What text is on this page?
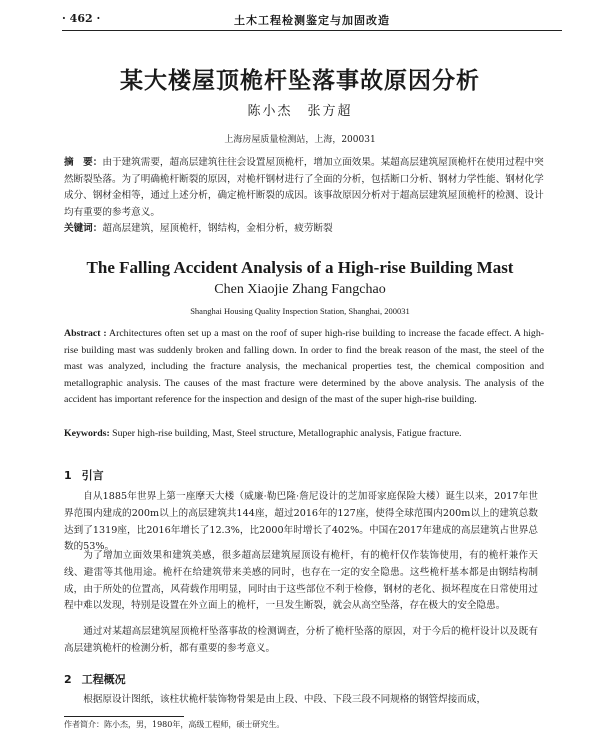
· 462 ·	土木工程检测鉴定与加固改造
某大楼屋顶桅杆坠落事故原因分析
陈小杰　张方超
上海房屋质量检测站，上海，200031
摘　要：由于建筑需要，超高层建筑往往会设置屋顶桅杆，增加立面效果。某超高层建筑屋顶桅杆在使用过程中突然断裂坠落。为了明确桅杆断裂的原因，对桅杆钢材进行了全面的分析，包括断口分析、钢材力学性能、钢材化学成分、钢材金相等，通过上述分析，确定桅杆断裂的成因。该事故原因分析对于超高层建筑屋顶桅杆的检测、设计均有重要的参考意义。
关键词：超高层建筑，屋顶桅杆，钢结构，金相分析，疲劳断裂
The Falling Accident Analysis of a High-rise Building Mast
Chen Xiaojie Zhang Fangchao
Shanghai Housing Quality Inspection Station, Shanghai, 200031
Abstract : Architectures often set up a mast on the roof of super high-rise building to increase the facade effect. A high-rise building mast was suddenly broken and falling down. In order to find the break reason of the mast, the steel of the mast was analyzed, including the fracture analysis, the mechanical properties test, the chemical composition and metallographic analysis. The causes of the mast fracture were determined by the above analysis. The analysis of the accident has important reference for the inspection and design of the mast of the super high-rise building.
Keywords: Super high-rise building, Mast, Steel structure, Metallographic analysis, Fatigue fracture.
1 引言
自从1885年世界上第一座摩天大楼（威廉·勒巴隆·詹尼设计的芝加哥家庭保险大楼）诞生以来，2017年世界范围内建成的200m以上的高层建筑共144座，超过2016年的127座，使得全球范围内200m以上的建筑总数达到了1319座，比2016年增长了12.3%，比2000年时增长了402%。中国在2017年建成的高层建筑占世界总数的53%。
为了增加立面效果和建筑美感，很多超高层建筑屋顶设有桅杆，有的桅杆仅作装饰使用，有的桅杆兼作天线、避雷等其他用途。桅杆在给建筑带来美感的同时，也存在一定的安全隐患。这些桅杆基本都是由钢结构制成，由于所处的位置高，风荷载作用明显，同时由于这些部位不利于检修，钢材的老化、损坏程度在日常使用过程中难以发现，特别是设置在外立面上的桅杆，一旦发生断裂，就会从高空坠落，存在极大的安全隐患。
通过对某超高层建筑屋顶桅杆坠落事故的检测调查，分析了桅杆坠落的原因，对于今后的桅杆设计以及既有高层建筑桅杆的检测分析，都有重要的参考意义。
2 工程概况
根据原设计图纸，该柱状桅杆装饰物骨架是由上段、中段、下段三段不同规格的钢管焊接而成，
作者简介：陈小杰，男，1980年，高级工程师，硕士研究生。
